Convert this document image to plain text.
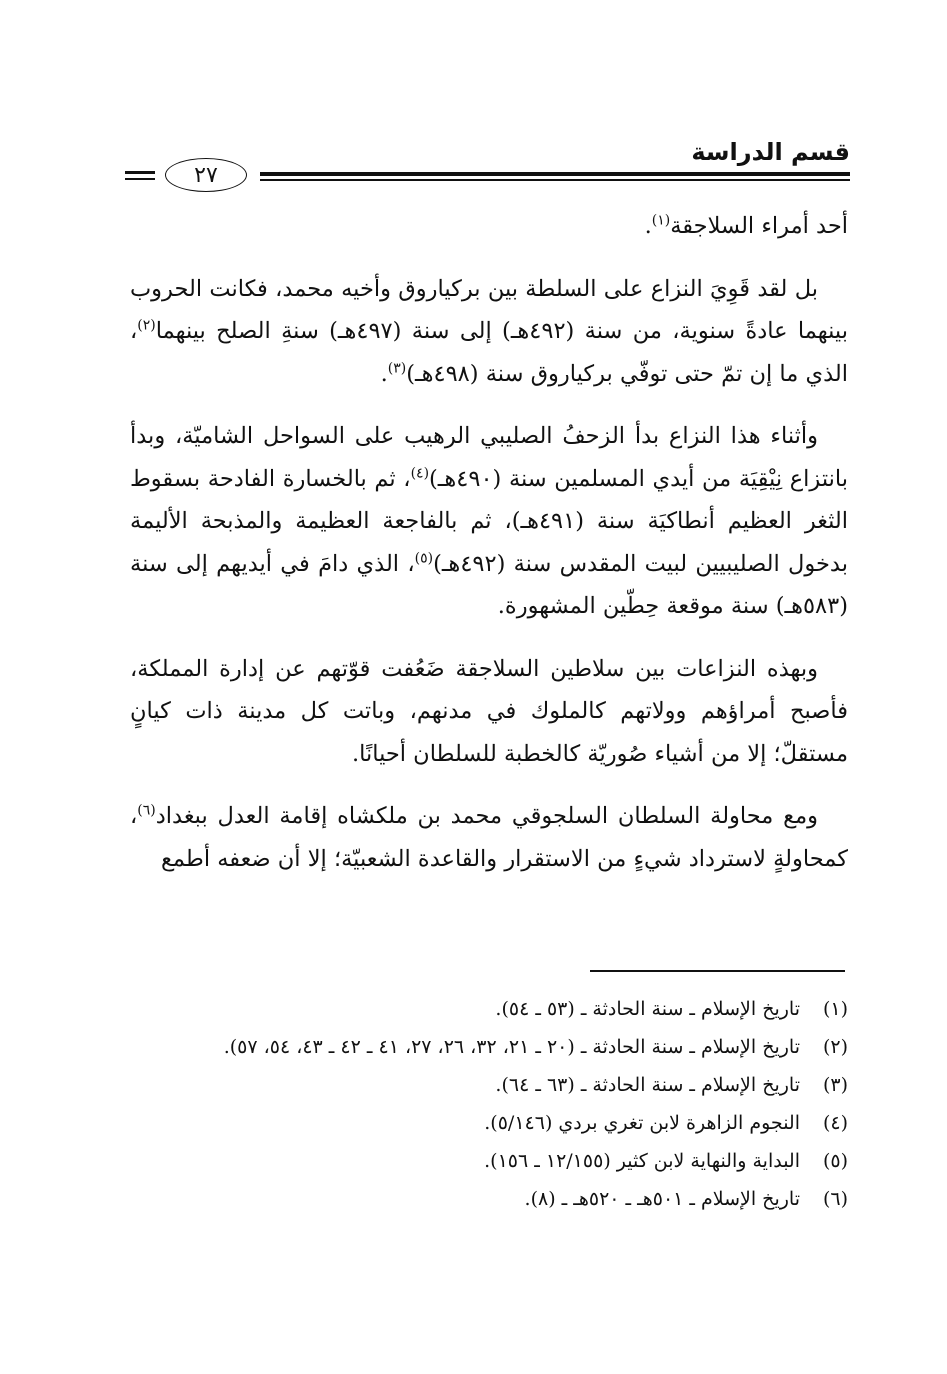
قسم الدراسة
٢٧

أحد أمراء السلاجقة$^{(١)}$.

بل لقد قَوِيَ النزاع على السلطة بين بركياروق وأخيه محمد، فكانت الحروب بينهما عادةً سنوية، من سنة (٤٩٢هـ) إلى سنة (٤٩٧هـ) سنةِ الصلح بينهما$^{(٢)}$، الذي ما إن تمّ حتى توفّي بركياروق سنة (٤٩٨هـ)$^{(٣)}$.

وأثناء هذا النزاع بدأ الزحفُ الصليبي الرهيب على السواحل الشاميّة، وبدأ بانتزاع نِيْقِيَة من أيدي المسلمين سنة (٤٩٠هـ)$^{(٤)}$، ثم بالخسارة الفادحة بسقوط الثغر العظيم أنطاكيَة سنة (٤٩١هـ)، ثم بالفاجعة العظيمة والمذبحة الأليمة بدخول الصليبيين لبيت المقدس سنة (٤٩٢هـ)$^{(٥)}$، الذي دامَ في أيديهم إلى سنة (٥٨٣هـ) سنة موقعة حِطّين المشهورة.

وبهذه النزاعات بين سلاطين السلاجقة ضَعُفت قوّتهم عن إدارة المملكة، فأصبح أمراؤهم وولاتهم كالملوك في مدنهم، وباتت كل مدينة ذات كيانٍ مستقلّ؛ إلا من أشياء صُوريّة كالخطبة للسلطان أحيانًا.

ومع محاولة السلطان السلجوقي محمد بن ملكشاه إقامة العدل ببغداد$^{(٦)}$، كمحاولةٍ لاسترداد شيءٍ من الاستقرار والقاعدة الشعبيّة؛ إلا أن ضعفه أطمع

(١)
تاريخ الإسلام ـ سنة الحادثة ـ (٥٣ ـ ٥٤).
(٢)
تاريخ الإسلام ـ سنة الحادثة ـ (٢٠ ـ ٢١، ٣٢، ٢٦، ٢٧، ٤١ ـ ٤٢ ـ ٤٣، ٥٤، ٥٧).
(٣)
تاريخ الإسلام ـ سنة الحادثة ـ (٦٣ ـ ٦٤).
(٤)
النجوم الزاهرة لابن تغري بردي (٥/١٤٦).
(٥)
البداية والنهاية لابن كثير (١٢/١٥٥ ـ ١٥٦).
(٦)
تاريخ الإسلام ـ ٥٠١هـ ـ ٥٢٠هـ ـ (٨).
